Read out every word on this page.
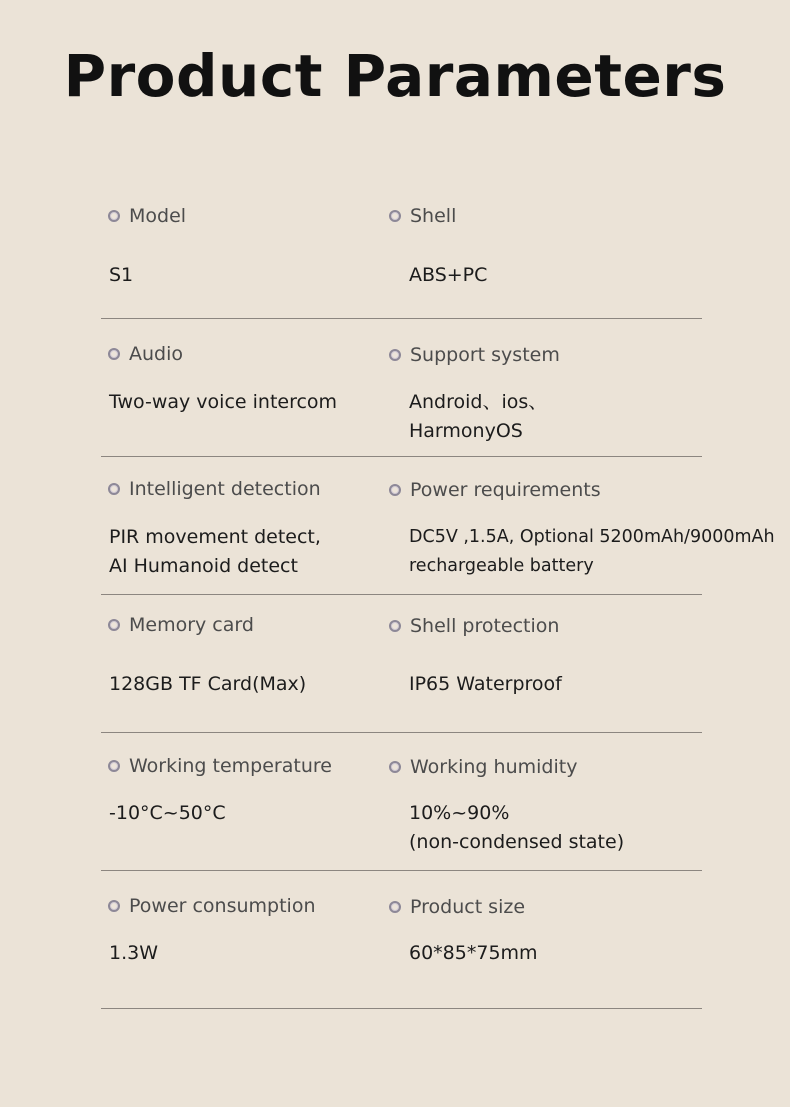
Product Parameters
Model
S1
Shell
ABS+PC
Audio
Two-way voice intercom
Support system
Android、ios、
HarmonyOS
Intelligent detection
PIR movement detect,
AI Humanoid detect
Power requirements
DC5V ,1.5A, Optional 5200mAh/9000mAh
rechargeable battery
Memory card
128GB TF Card(Max)
Shell protection
IP65 Waterproof
Working temperature
-10°C~50°C
Working humidity
10%~90%
(non-condensed state)
Power consumption
1.3W
Product size
60*85*75mm
